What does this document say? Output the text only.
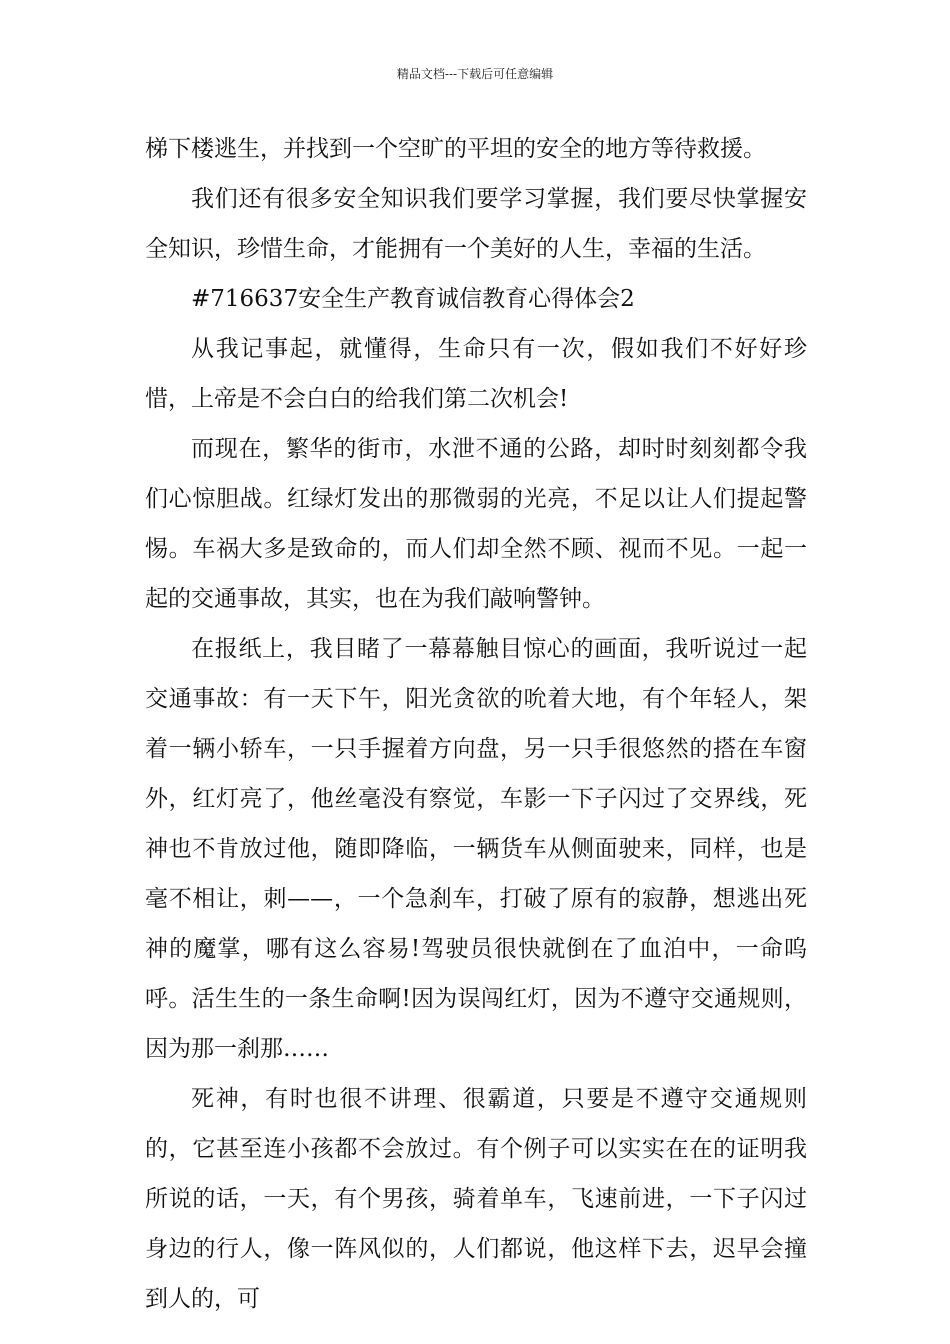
精品文档---下载后可任意编辑

梯下楼逃生，并找到一个空旷的平坦的安全的地方等待救援。

我们还有很多安全知识我们要学习掌握，我们要尽快掌握安全知识，珍惜生命，才能拥有一个美好的人生，幸福的生活。

#716637安全生产教育诚信教育心得体会2

从我记事起，就懂得，生命只有一次，假如我们不好好珍惜，上帝是不会白白的给我们第二次机会!

而现在，繁华的街市，水泄不通的公路，却时时刻刻都令我们心惊胆战。红绿灯发出的那微弱的光亮，不足以让人们提起警惕。车祸大多是致命的，而人们却全然不顾、视而不见。一起一起的交通事故，其实，也在为我们敲响警钟。

在报纸上，我目睹了一幕幕触目惊心的画面，我听说过一起交通事故：有一天下午，阳光贪欲的吮着大地，有个年轻人，架着一辆小轿车，一只手握着方向盘，另一只手很悠然的搭在车窗外，红灯亮了，他丝毫没有察觉，车影一下子闪过了交界线，死神也不肯放过他，随即降临，一辆货车从侧面驶来，同样，也是毫不相让，刺——，一个急刹车，打破了原有的寂静，想逃出死神的魔掌，哪有这么容易!驾驶员很快就倒在了血泊中，一命呜呼。活生生的一条生命啊!因为误闯红灯，因为不遵守交通规则，因为那一刹那……

死神，有时也很不讲理、很霸道，只要是不遵守交通规则的，它甚至连小孩都不会放过。有个例子可以实实在在的证明我所说的话，一天，有个男孩，骑着单车，飞速前进，一下子闪过身边的行人，像一阵风似的，人们都说，他这样下去，迟早会撞到人的，可
